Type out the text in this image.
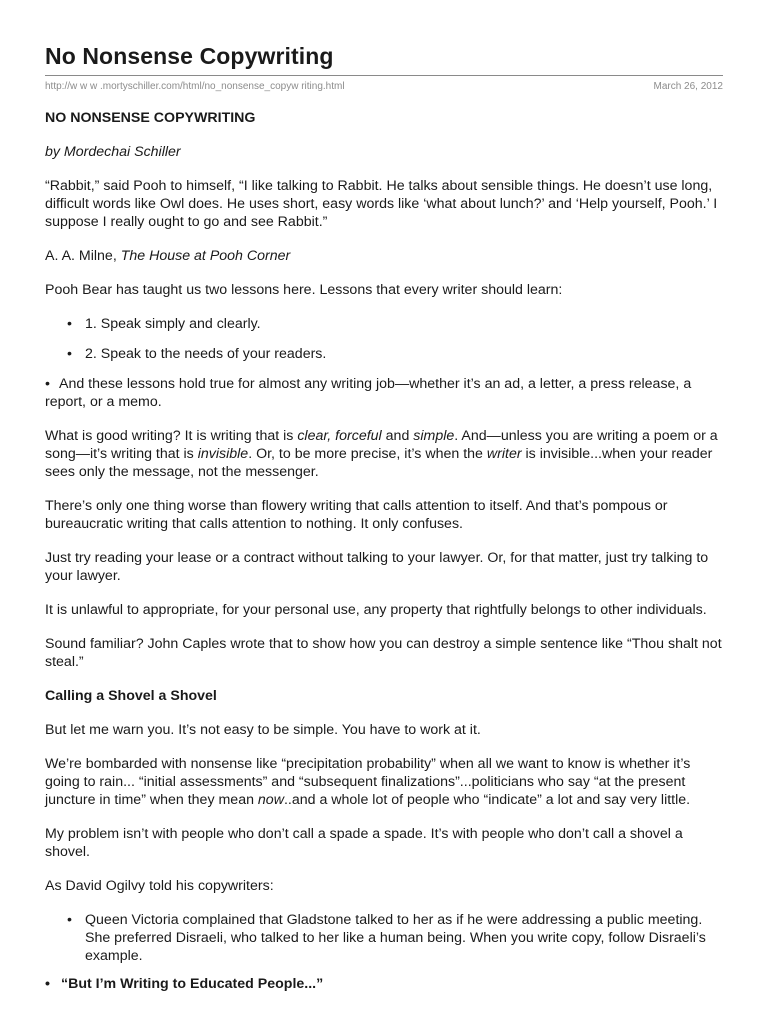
No Nonsense Copywriting
http://w w w .mortyschiller.com/html/no_nonsense_copyw riting.html	March 26, 2012

NO NONSENSE COPYWRITING

by Mordechai Schiller

“Rabbit,” said Pooh to himself, “I like talking to Rabbit. He talks about sensible things. He doesn’t use long, difficult words like Owl does. He uses short, easy words like ‘what about lunch?’ and ‘Help yourself, Pooh.’ I suppose I really ought to go and see Rabbit.”

A. A. Milne, The House at Pooh Corner

Pooh Bear has taught us two lessons here. Lessons that every writer should learn:

• 1. Speak simply and clearly.
• 2. Speak to the needs of your readers.

• And these lessons hold true for almost any writing job—whether it’s an ad, a letter, a press release, a report, or a memo.

What is good writing? It is writing that is clear, forceful and simple. And—unless you are writing a poem or a song—it’s writing that is invisible. Or, to be more precise, it’s when the writer is invisible...when your reader sees only the message, not the messenger.

There’s only one thing worse than flowery writing that calls attention to itself. And that’s pompous or bureaucratic writing that calls attention to nothing. It only confuses.

Just try reading your lease or a contract without talking to your lawyer. Or, for that matter, just try talking to your lawyer.

It is unlawful to appropriate, for your personal use, any property that rightfully belongs to other individuals.

Sound familiar? John Caples wrote that to show how you can destroy a simple sentence like “Thou shalt not steal.”

Calling a Shovel a Shovel

But let me warn you. It’s not easy to be simple. You have to work at it.

We’re bombarded with nonsense like “precipitation probability” when all we want to know is whether it’s going to rain... “initial assessments” and “subsequent finalizations”...politicians who say “at the present juncture in time” when they mean now..and a whole lot of people who “indicate” a lot and say very little.

My problem isn’t with people who don’t call a spade a spade. It’s with people who don’t call a shovel a shovel.

As David Ogilvy told his copywriters:

• Queen Victoria complained that Gladstone talked to her as if he were addressing a public meeting. She preferred Disraeli, who talked to her like a human being. When you write copy, follow Disraeli’s example.
• “But I’m Writing to Educated People...”
